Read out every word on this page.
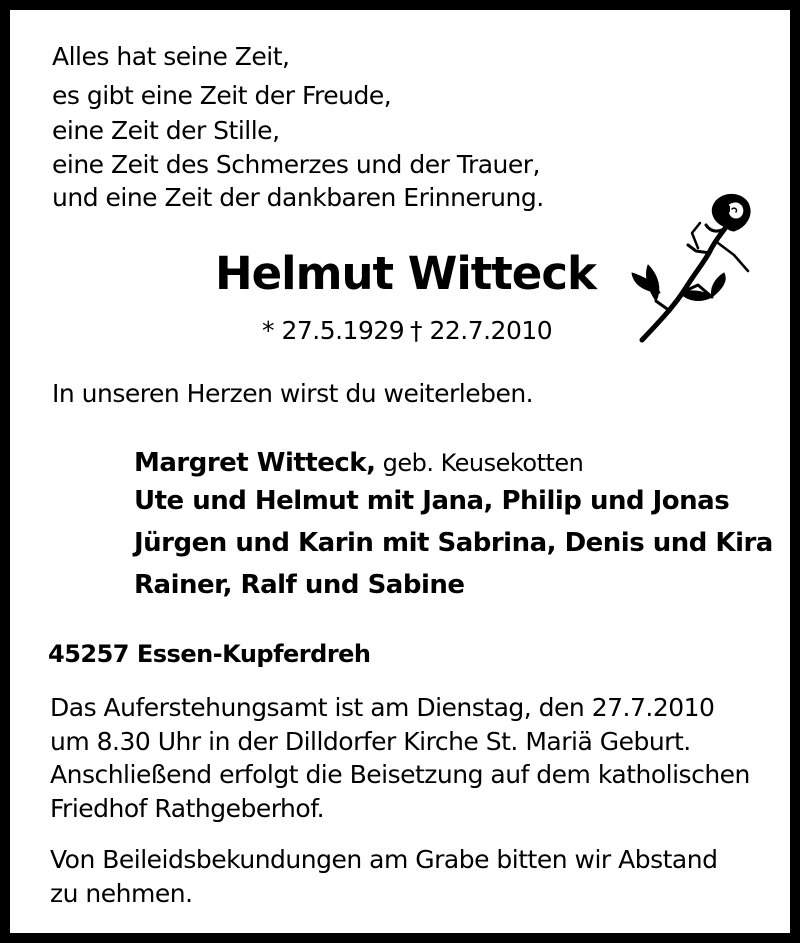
Alles hat seine Zeit,
es gibt eine Zeit der Freude,
eine Zeit der Stille,
eine Zeit des Schmerzes und der Trauer,
und eine Zeit der dankbaren Erinnerung.
Helmut Witteck
* 27.5.1929 † 22.7.2010
In unseren Herzen wirst du weiterleben.
Margret Witteck, geb. Keusekotten
Ute und Helmut mit Jana, Philip und Jonas
Jürgen und Karin mit Sabrina, Denis und Kira
Rainer, Ralf und Sabine
45257 Essen-Kupferdreh
Das Auferstehungsamt ist am Dienstag, den 27.7.2010
um 8.30 Uhr in der Dilldorfer Kirche St. Mariä Geburt.
Anschließend erfolgt die Beisetzung auf dem katholischen
Friedhof Rathgeberhof.
Von Beileidsbekundungen am Grabe bitten wir Abstand
zu nehmen.
